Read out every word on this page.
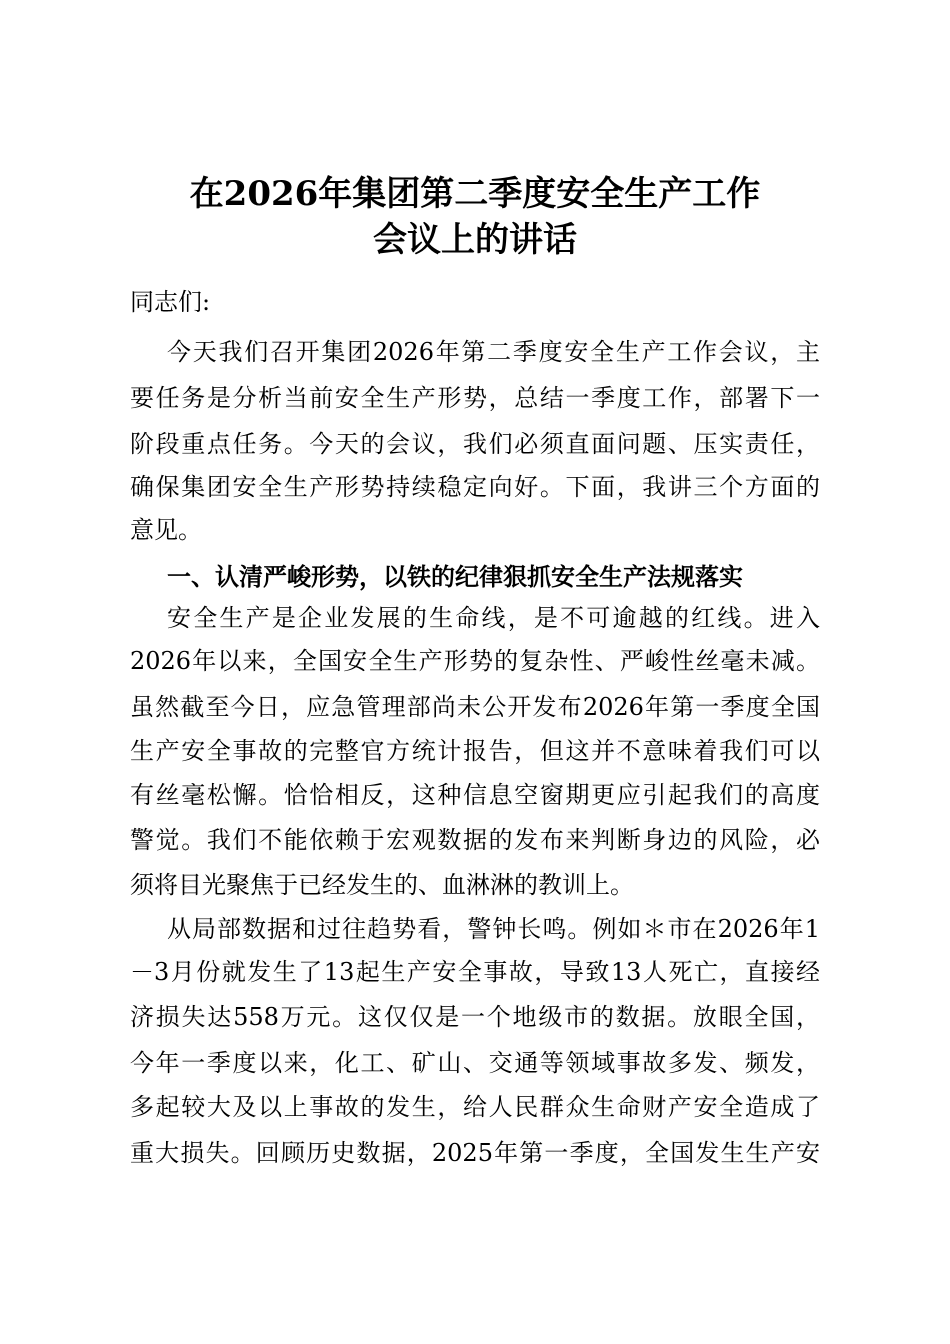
在2026年集团第二季度安全生产工作
会议上的讲话
同志们:
今天我们召开集团2026年第二季度安全生产工作会议，主
要任务是分析当前安全生产形势，总结一季度工作，部署下一
阶段重点任务。今天的会议，我们必须直面问题、压实责任，
确保集团安全生产形势持续稳定向好。下面，我讲三个方面的
意见。
一、认清严峻形势，以铁的纪律狠抓安全生产法规落实
安全生产是企业发展的生命线，是不可逾越的红线。进入
2026年以来，全国安全生产形势的复杂性、严峻性丝毫未减。
虽然截至今日，应急管理部尚未公开发布2026年第一季度全国
生产安全事故的完整官方统计报告，但这并不意味着我们可以
有丝毫松懈。恰恰相反，这种信息空窗期更应引起我们的高度
警觉。我们不能依赖于宏观数据的发布来判断身边的风险，必
须将目光聚焦于已经发生的、血淋淋的教训上。
从局部数据和过往趋势看，警钟长鸣。例如＊市在2026年1
－3月份就发生了13起生产安全事故，导致13人死亡，直接经
济损失达558万元。这仅仅是一个地级市的数据。放眼全国，
今年一季度以来，化工、矿山、交通等领域事故多发、频发，
多起较大及以上事故的发生，给人民群众生命财产安全造成了
重大损失。回顾历史数据，2025年第一季度，全国发生生产安
